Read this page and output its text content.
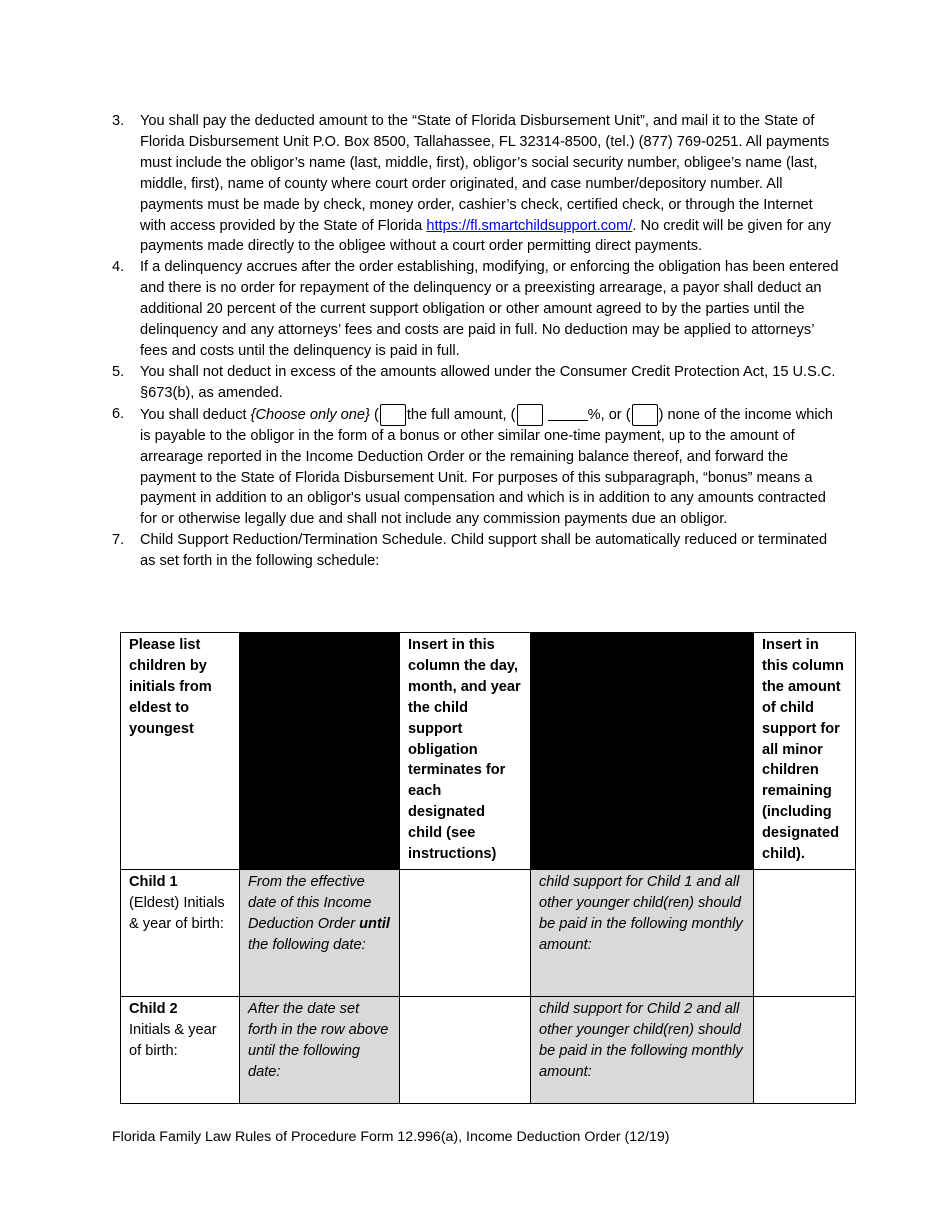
3. You shall pay the deducted amount to the “State of Florida Disbursement Unit”, and mail it to the State of Florida Disbursement Unit P.O. Box 8500, Tallahassee, FL 32314-8500, (tel.) (877) 769-0251. All payments must include the obligor’s name (last, middle, first), obligor’s social security number, obligee’s name (last, middle, first), name of county where court order originated, and case number/depository number. All payments must be made by check, money order, cashier’s check, certified check, or through the Internet with access provided by the State of Florida https://fl.smartchildsupport.com/. No credit will be given for any payments made directly to the obligee without a court order permitting direct payments.

4. If a delinquency accrues after the order establishing, modifying, or enforcing the obligation has been entered and there is no order for repayment of the delinquency or a preexisting arrearage, a payor shall deduct an additional 20 percent of the current support obligation or other amount agreed to by the parties until the delinquency and any attorneys’ fees and costs are paid in full. No deduction may be applied to attorneys’ fees and costs until the delinquency is paid in full.

5. You shall not deduct in excess of the amounts allowed under the Consumer Credit Protection Act, 15 U.S.C. §673(b), as amended.

6. You shall deduct {Choose only one} ( the full amount, (	%, or ( ) none of the income which is payable to the obligor in the form of a bonus or other similar one-time payment, up to the amount of arrearage reported in the Income Deduction Order or the remaining balance thereof, and forward the payment to the State of Florida Disbursement Unit. For purposes of this subparagraph, “bonus” means a payment in addition to an obligor's usual compensation and which is in addition to any amounts contracted for or otherwise legally due and shall not include any commission payments due an obligor.

7. Child Support Reduction/Termination Schedule. Child support shall be automatically reduced or terminated as set forth in the following schedule:

Please list children by initials from eldest to youngest		Insert in this column the day, month, and year the child support obligation terminates for each designated child (see instructions)		Insert in this column the amount of child support for all minor children remaining (including designated child).
Child 1
(Eldest) Initials & year of birth:	From the effective date of this Income Deduction Order until the following date:		child support for Child 1 and all other younger child(ren) should be paid in the following monthly amount:	
Child 2
Initials & year of birth:	After the date set forth in the row above until the following date:		child support for Child 2 and all other younger child(ren) should be paid in the following monthly amount:	
Florida Family Law Rules of Procedure Form 12.996(a), Income Deduction Order (12/19)
